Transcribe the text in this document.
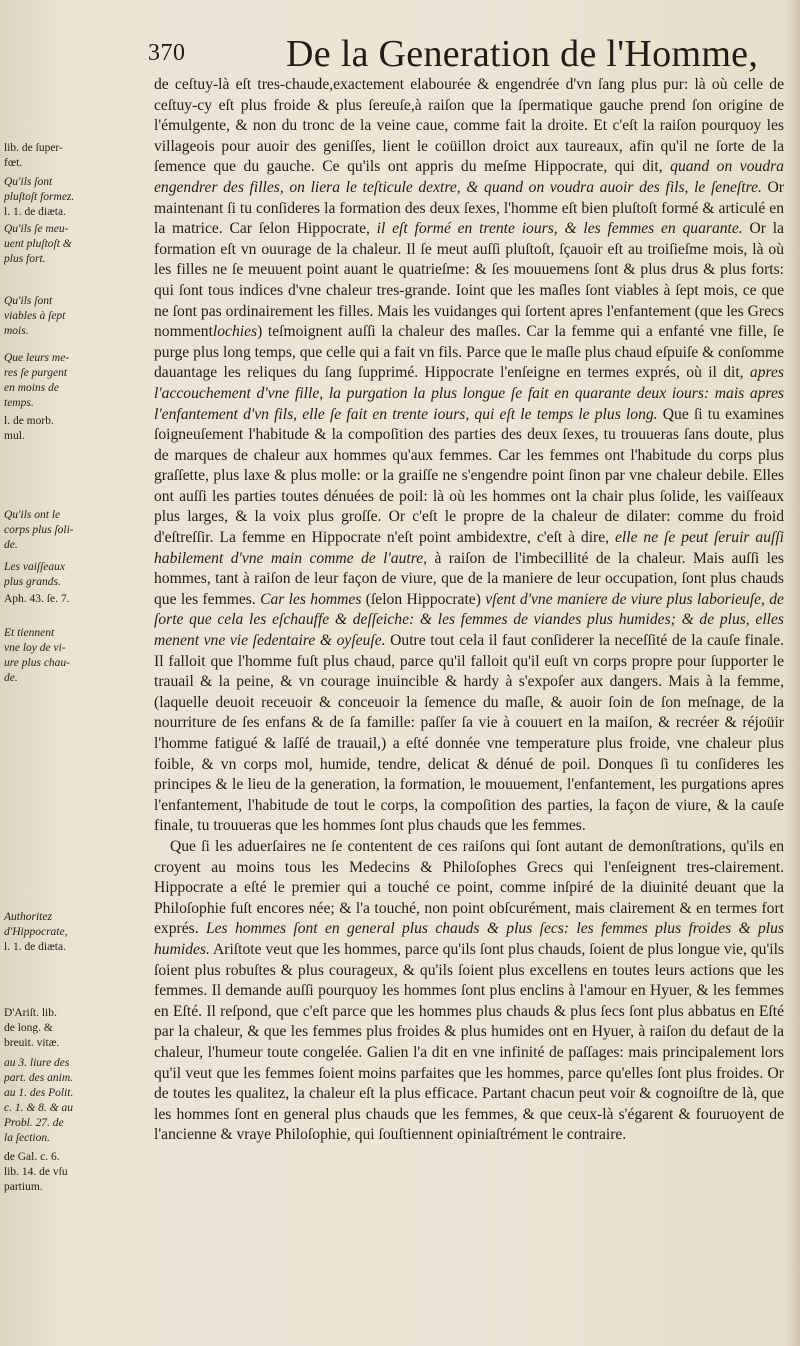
370	De la Generation de l'Homme,

de ceſtuy-là eſt tres-chaude,exactement elabourée & engendrée d'vn ſang plus pur: là où celle de ceſtuy-cy eſt plus froide & plus ſereuſe,à raiſon que la ſpermatique gauche prend ſon origine de l'émulgente, & non du tronc de la veine caue, comme fait la droite. Et c'eſt la raiſon pourquoy les villageois pour auoir des geniſſes, lient le coüillon droict aux taureaux, afin qu'il ne ſorte de la ſemence que du gauche. Ce qu'ils ont appris du meſme Hippocrate, qui dit, quand on voudra engendrer des filles, on liera le teſticule dextre, & quand on voudra auoir des fils, le ſeneſtre. Or maintenant ſi tu conſideres la formation des deux ſexes, l'homme eſt bien pluſtoſt formé & articulé en la matrice. Car ſelon Hippocrate, il eſt formé en trente iours, & les femmes en quarante. Or la formation eſt vn ouurage de la chaleur. Il ſe meut auſſi pluſtoſt, ſçauoir eſt au troiſieſme mois, là où les filles ne ſe meuuent point auant le quatrieſme: & ſes mouuemens ſont & plus drus & plus forts: qui ſont tous indices d'vne chaleur tres-grande. Ioint que les maſles ſont viables à ſept mois, ce que ne ſont pas ordinairement les filles. Mais les vuidanges qui ſortent apres l'enfantement (que les Grecs nommentlochies) teſmoignent auſſi la chaleur des maſles. Car la femme qui a enfanté vne fille, ſe purge plus long temps, que celle qui a fait vn fils. Parce que le maſle plus chaud eſpuiſe & conſomme dauantage les reliques du ſang ſupprimé. Hippocrate l'enſeigne en termes exprés, où il dit, apres l'accouchement d'vne fille, la purgation la plus longue ſe fait en quarante deux iours: mais apres l'enfantement d'vn fils, elle ſe fait en trente iours, qui eſt le temps le plus long. Que ſi tu examines ſoigneuſement l'habitude & la compoſition des parties des deux ſexes, tu trouueras ſans doute, plus de marques de chaleur aux hommes qu'aux femmes. Car les femmes ont l'habitude du corps plus graſſette, plus laxe & plus molle: or la graiſſe ne s'engendre point ſinon par vne chaleur debile. Elles ont auſſi les parties toutes dénuées de poil: là où les hommes ont la chair plus ſolide, les vaiſſeaux plus larges, & la voix plus groſſe. Or c'eſt le propre de la chaleur de dilater: comme du froid d'eſtreſſir. La femme en Hippocrate n'eſt point ambidextre, c'eſt à dire, elle ne ſe peut ſeruir auſſi habilement d'vne main comme de l'autre, à raiſon de l'imbecillité de la chaleur. Mais auſſi les hommes, tant à raiſon de leur façon de viure, que de la maniere de leur occupation, ſont plus chauds que les femmes. Car les hommes (ſelon Hippocrate) vſent d'vne maniere de viure plus laborieuſe, de ſorte que cela les eſchauffe & deſſeiche: & les femmes de viandes plus humides; & de plus, elles menent vne vie ſedentaire & oyſeuſe. Outre tout cela il faut conſiderer la neceſſité de la cauſe finale. Il falloit que l'homme fuſt plus chaud, parce qu'il falloit qu'il euſt vn corps propre pour ſupporter le trauail & la peine, & vn courage inuincible & hardy à s'expoſer aux dangers. Mais à la femme, (laquelle deuoit receuoir & conceuoir la ſemence du maſle, & auoir ſoin de ſon meſnage, de la nourriture de ſes enfans & de ſa famille: paſſer ſa vie à couuert en la maiſon, & recréer & réjoüir l'homme fatigué & laſſé de trauail,) a eſté donnée vne temperature plus froide, vne chaleur plus foible, & vn corps mol, humide, tendre, delicat & dénué de poil. Donques ſi tu conſideres les principes & le lieu de la generation, la formation, le mouuement, l'enfantement, les purgations apres l'enfantement, l'habitude de tout le corps, la compoſition des parties, la façon de viure, & la cauſe finale, tu trouueras que les hommes ſont plus chauds que les femmes.

Que ſi les aduerſaires ne ſe contentent de ces raiſons qui ſont autant de demonſtrations, qu'ils en croyent au moins tous les Medecins & Philoſophes Grecs qui l'enſeignent tres-clairement. Hippocrate a eſté le premier qui a touché ce point, comme inſpiré de la diuinité deuant que la Philoſophie fuſt encores née; & l'a touché, non point obſcurément, mais clairement & en termes fort exprés. Les hommes ſont en general plus chauds & plus ſecs: les femmes plus froides & plus humides. Ariſtote veut que les hommes, parce qu'ils ſont plus chauds, ſoient de plus longue vie, qu'ils ſoient plus robuſtes & plus courageux, & qu'ils ſoient plus excellens en toutes leurs actions que les femmes. Il demande auſſi pourquoy les hommes ſont plus enclins à l'amour en Hyuer, & les femmes en Eſté. Il reſpond, que c'eſt parce que les hommes plus chauds & plus ſecs ſont plus abbatus en Eſté par la chaleur, & que les femmes plus froides & plus humides ont en Hyuer, à raiſon du defaut de la chaleur, l'humeur toute congelée. Galien l'a dit en vne infinité de paſſages: mais principalement lors qu'il veut que les femmes ſoient moins parfaites que les hommes, parce qu'elles ſont plus froides. Or de toutes les qualitez, la chaleur eſt la plus efficace. Partant chacun peut voir & cognoiſtre de là, que les hommes ſont en general plus chauds que les femmes, & que ceux-là s'égarent & fouruoyent de l'ancienne & vraye Philoſophie, qui ſouſtiennent opiniaſtrément le contraire.

lib. de ſuper-
fœt.
Qu'ils ſont
pluſtoſt formez.
l. 1. de diæta.
Qu'ils ſe meu-
uent pluſtoſt &
plus fort.
Qu'ils ſont
viables à ſept
mois.
Que leurs me-
res ſe purgent
en moins de
temps.
l. de morb.
mul.
Qu'ils ont le
corps plus ſoli-
de.
Les vaiſſeaux
plus grands.
Aph. 43. ſe. 7.
Et tiennent
vne loy de vi-
ure plus chau-
de.
Authoritez
d'Hippocrate,
l. 1. de diæta.
D'Ariſt. lib.
de long. &
breuit. vitæ.
au 3. liure des
part. des anim.
au 1. des Polit.
c. 1. & 8. & au
Probl. 27. de
la ſection.
de Gal. c. 6.
lib. 14. de vſu
partium.
